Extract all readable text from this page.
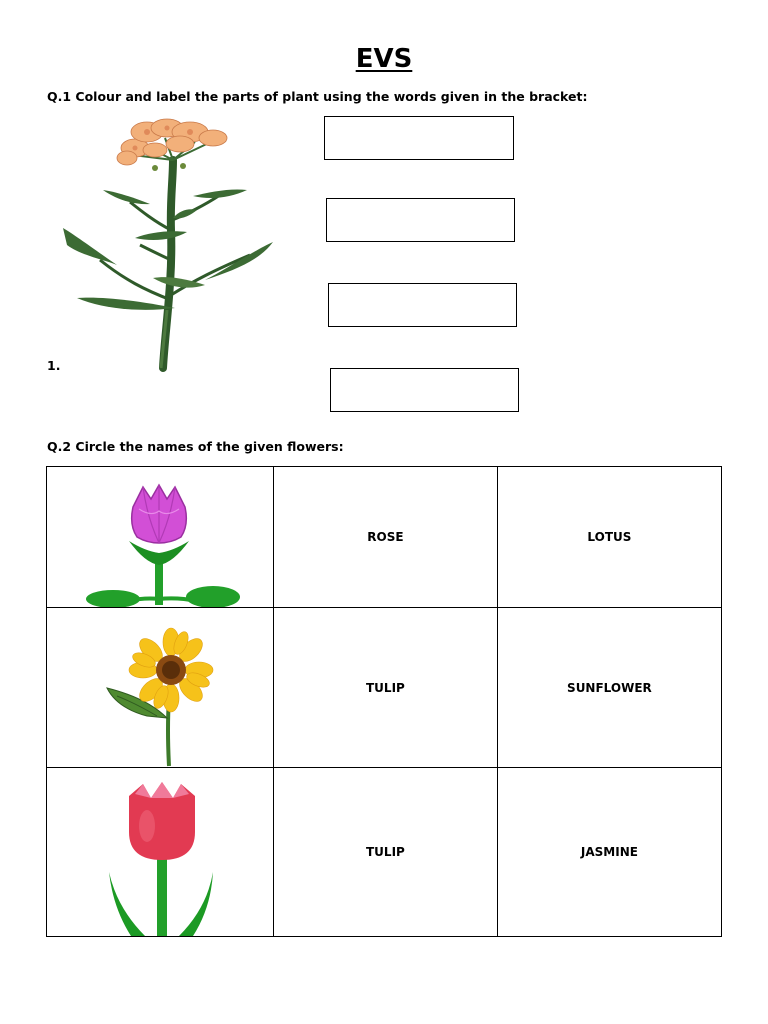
EVS
Q.1 Colour and label the parts of plant using the words given in the bracket:
1.
Q.2 Circle the names of the given flowers:
	ROSE	LOTUS

	TULIP	SUNFLOWER

	TULIP	JASMINE
